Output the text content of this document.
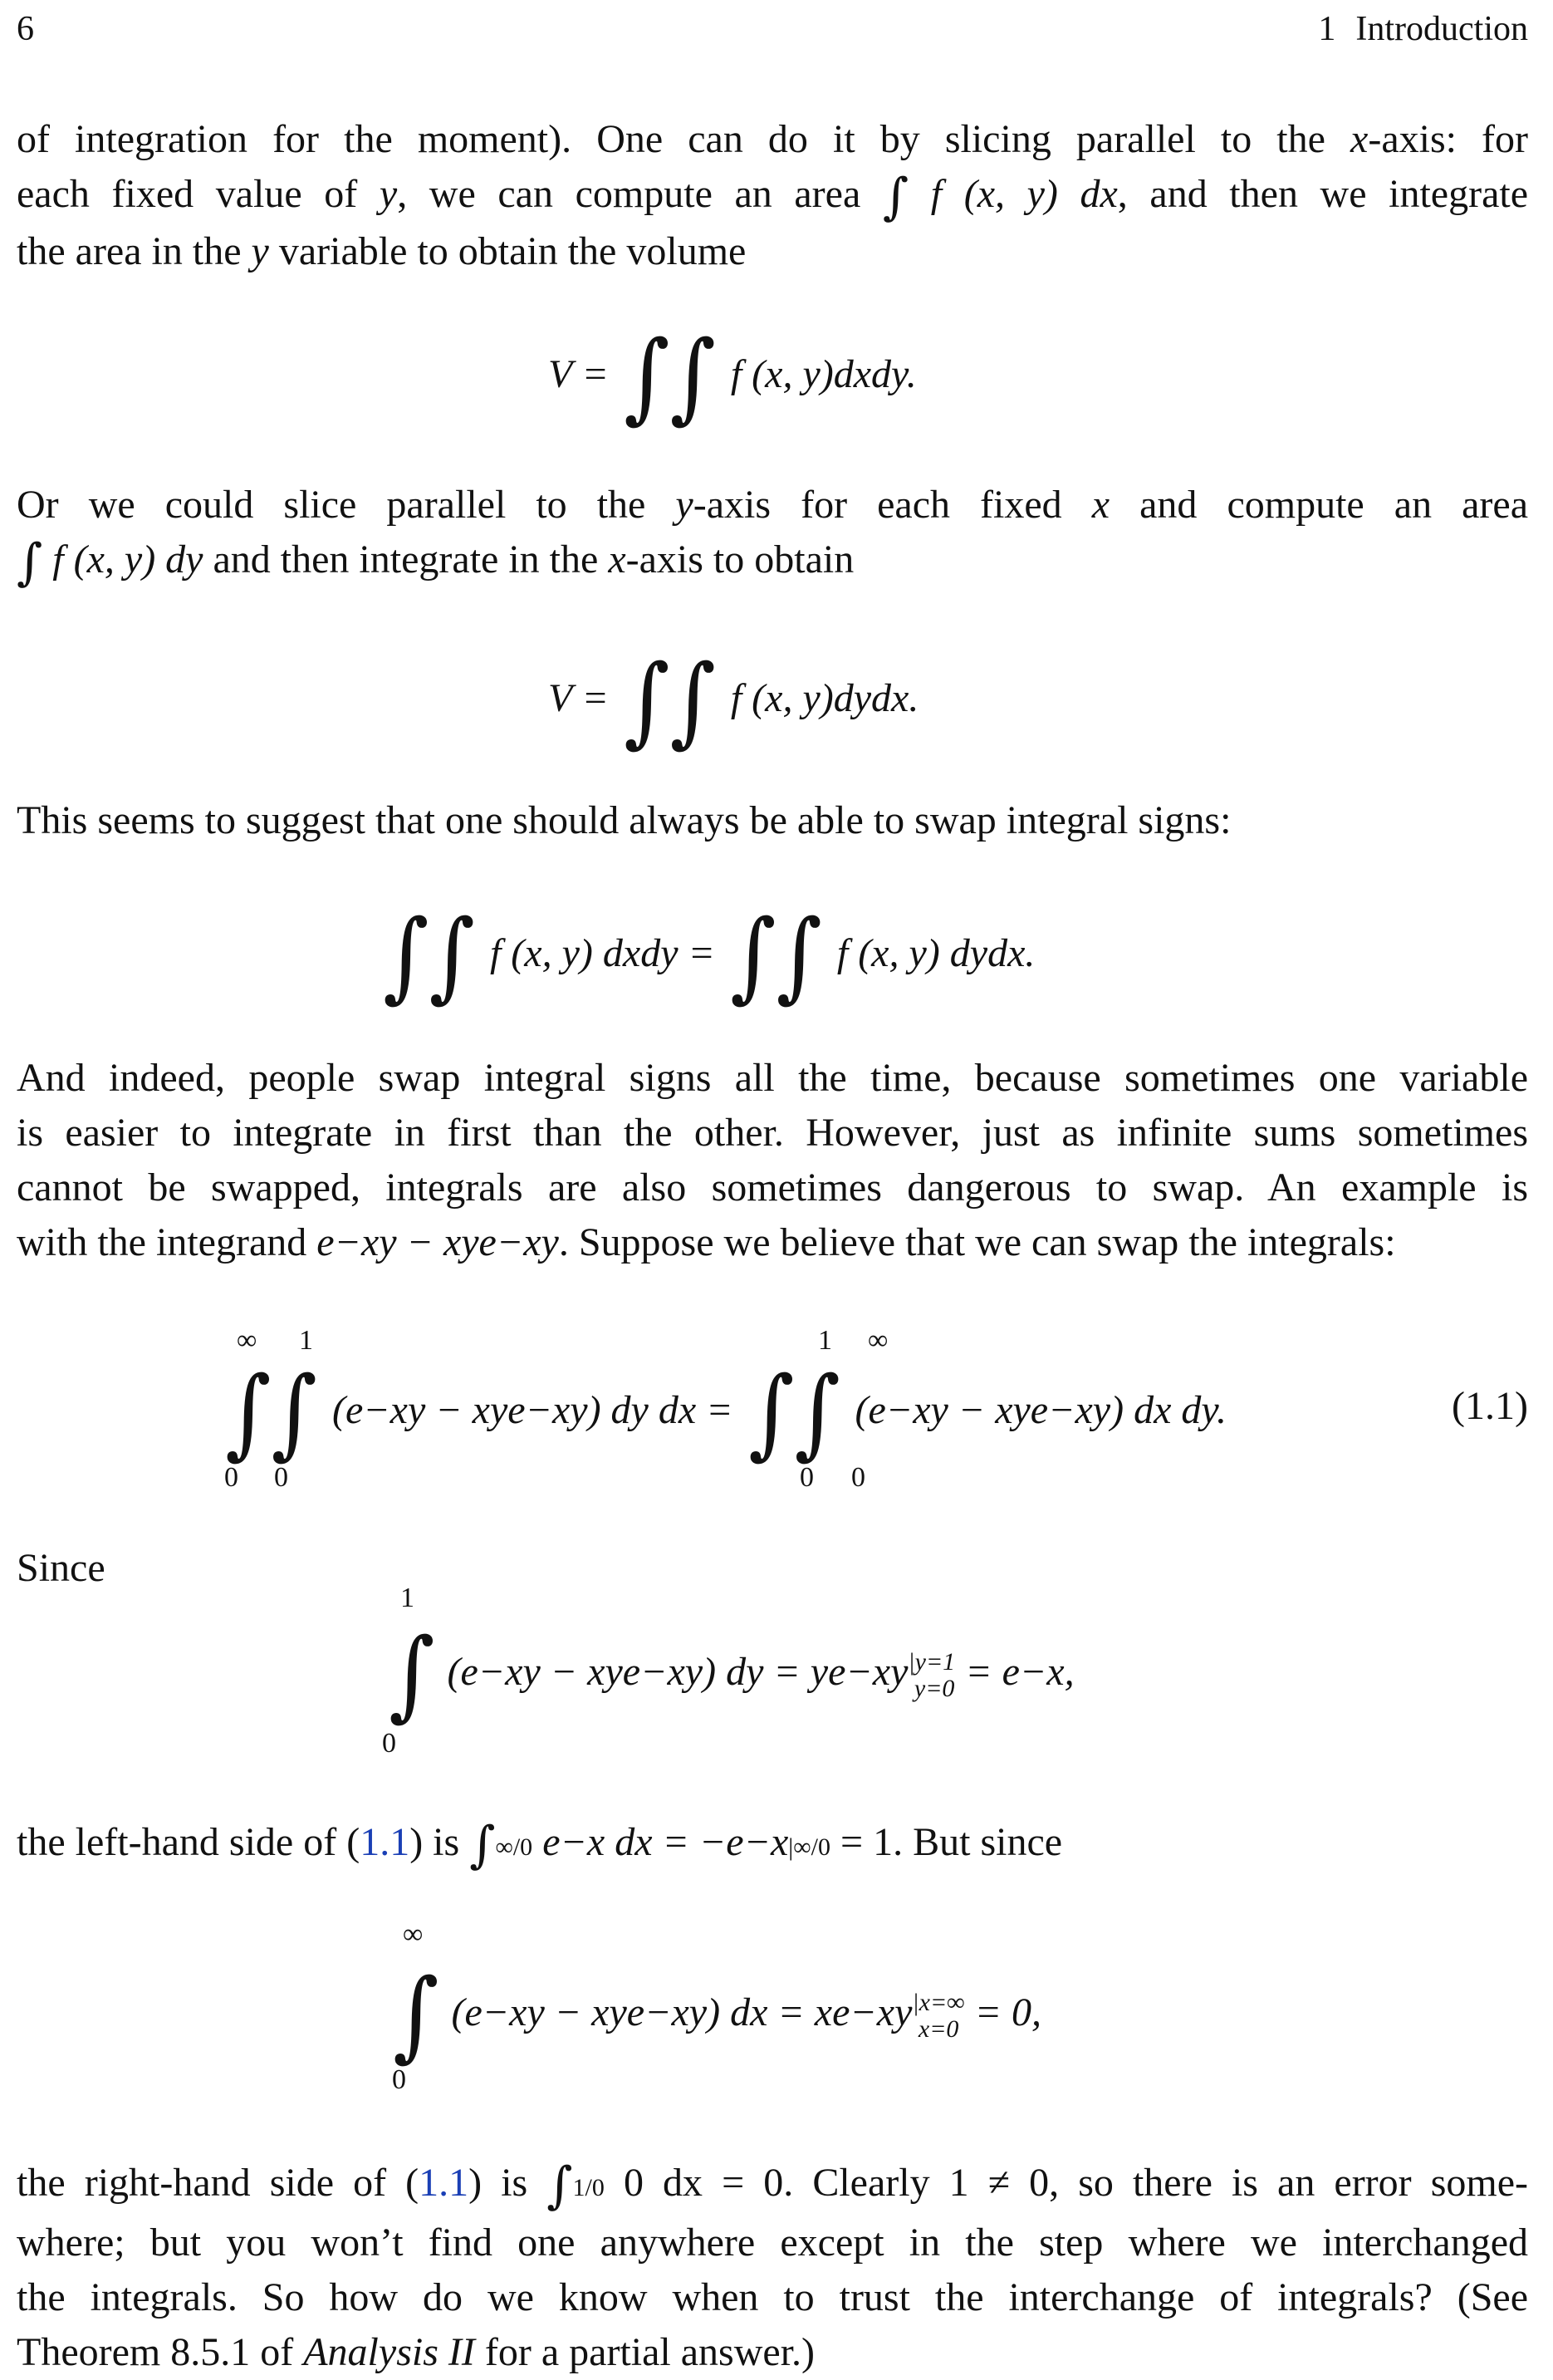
6	1 Introduction
of integration for the moment). One can do it by slicing parallel to the x-axis: for
each fixed value of y, we can compute an area ∫ f (x, y) dx, and then we integrate
the area in the y variable to obtain the volume
V = ∫∫ f (x, y)dxdy.
Or we could slice parallel to the y-axis for each fixed x and compute an area
∫ f (x, y) dy and then integrate in the x-axis to obtain
V = ∫∫ f (x, y)dydx.
This seems to suggest that one should always be able to swap integral signs:
∫∫ f (x, y) dxdy = ∫∫ f (x, y) dydx.
And indeed, people swap integral signs all the time, because sometimes one variable
is easier to integrate in first than the other. However, just as infinite sums sometimes
cannot be swapped, integrals are also sometimes dangerous to swap. An example is
with the integrand e−xy − xye−xy. Suppose we believe that we can swap the integrals:
∞ 1	1 ∞
∫∫ (e−xy − xye−xy) dy dx = ∫∫ (e−xy − xye−xy) dx dy.
0 0	0 0
(1.1)
Since
1
∫ (e−xy − xye−xy) dy = ye−xy|y=1
y=0 = e−x,
0
the left-hand side of (1.1) is ∫∞/0 e−x dx = −e−x|∞/0 = 1. But since
∞
∫ (e−xy − xye−xy) dx = xe−xy|x=∞
x=0 = 0,
0
the right-hand side of (1.1) is ∫1/0 0 dx = 0. Clearly 1 ≠ 0, so there is an error some-
where; but you won’t find one anywhere except in the step where we interchanged
the integrals. So how do we know when to trust the interchange of integrals? (See
Theorem 8.5.1 of Analysis II for a partial answer.)
